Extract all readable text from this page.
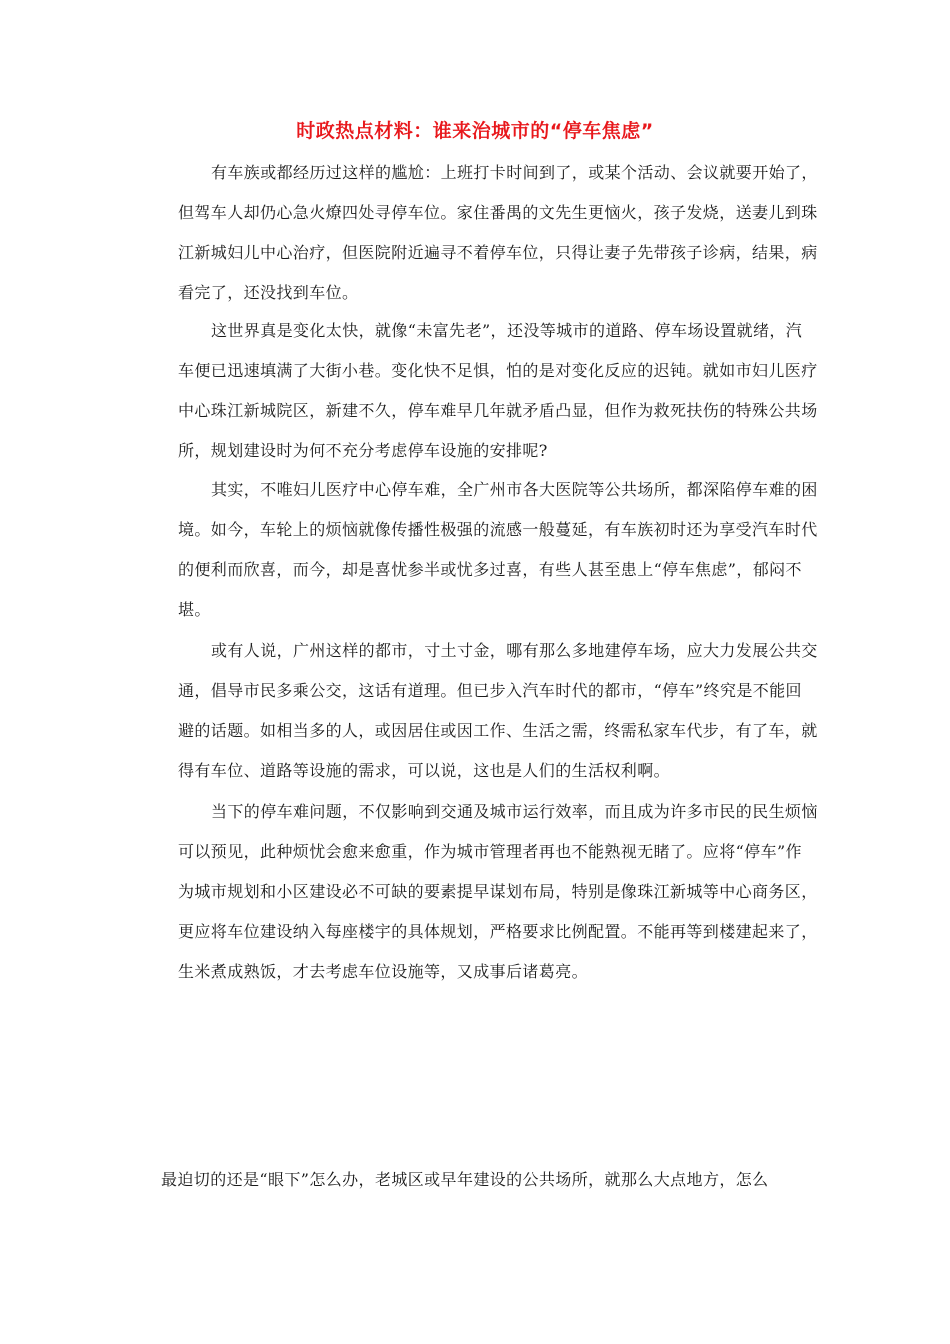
时政热点材料：谁来治城市的“停车焦虑”
有车族或都经历过这样的尴尬：上班打卡时间到了，或某个活动、会议就要开始了，
但驾车人却仍心急火燎四处寻停车位。家住番禺的文先生更恼火，孩子发烧，送妻儿到珠
江新城妇儿中心治疗，但医院附近遍寻不着停车位，只得让妻子先带孩子诊病，结果，病
看完了，还没找到车位。
这世界真是变化太快，就像“未富先老”，还没等城市的道路、停车场设置就绪，汽
车便已迅速填满了大街小巷。变化快不足惧，怕的是对变化反应的迟钝。就如市妇儿医疗
中心珠江新城院区，新建不久，停车难早几年就矛盾凸显，但作为救死扶伤的特殊公共场
所，规划建设时为何不充分考虑停车设施的安排呢?
其实，不唯妇儿医疗中心停车难，全广州市各大医院等公共场所，都深陷停车难的困
境。如今，车轮上的烦恼就像传播性极强的流感一般蔓延，有车族初时还为享受汽车时代
的便利而欣喜，而今，却是喜忧参半或忧多过喜，有些人甚至患上“停车焦虑”，郁闷不
堪。
或有人说，广州这样的都市，寸土寸金，哪有那么多地建停车场，应大力发展公共交
通，倡导市民多乘公交，这话有道理。但已步入汽车时代的都市，“停车”终究是不能回
避的话题。如相当多的人，或因居住或因工作、生活之需，终需私家车代步，有了车，就
得有车位、道路等设施的需求，可以说，这也是人们的生活权利啊。
当下的停车难问题，不仅影响到交通及城市运行效率，而且成为许多市民的民生烦恼
可以预见，此种烦忧会愈来愈重，作为城市管理者再也不能熟视无睹了。应将“停车”作
为城市规划和小区建设必不可缺的要素提早谋划布局，特别是像珠江新城等中心商务区，
更应将车位建设纳入每座楼宇的具体规划，严格要求比例配置。不能再等到楼建起来了，
生米煮成熟饭，才去考虑车位设施等，又成事后诸葛亮。
最迫切的还是“眼下”怎么办，老城区或早年建设的公共场所，就那么大点地方，怎么
